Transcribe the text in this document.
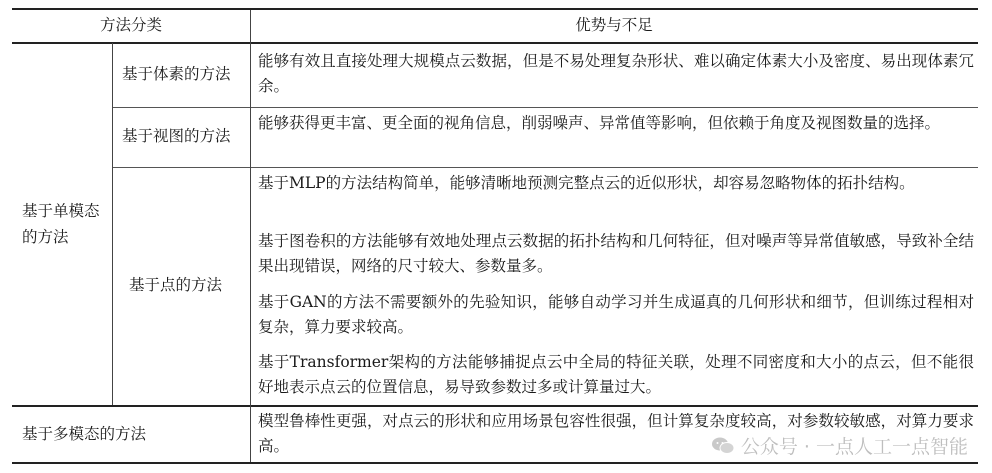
方法分类	优势与不足
基于单模态的方法
基于体素的方法
能够有效且直接处理大规模点云数据，但是不易处理复杂形状、难以确定体素大小及密度、易出现体素冗余。
基于视图的方法
能够获得更丰富、更全面的视角信息，削弱噪声、异常值等影响，但依赖于角度及视图数量的选择。
基于点的方法
基于MLP的方法结构简单，能够清晰地预测完整点云的近似形状，却容易忽略物体的拓扑结构。
基于图卷积的方法能够有效地处理点云数据的拓扑结构和几何特征，但对噪声等异常值敏感，导致补全结果出现错误，网络的尺寸较大、参数量多。
基于GAN的方法不需要额外的先验知识，能够自动学习并生成逼真的几何形状和细节，但训练过程相对复杂，算力要求较高。
基于Transformer架构的方法能够捕捉点云中全局的特征关联，处理不同密度和大小的点云，但不能很好地表示点云的位置信息，易导致参数过多或计算量过大。
基于多模态的方法
模型鲁棒性更强，对点云的形状和应用场景包容性很强，但计算复杂度较高，对参数较敏感，对算力要求高。	公众号 · 一点人工一点智能
